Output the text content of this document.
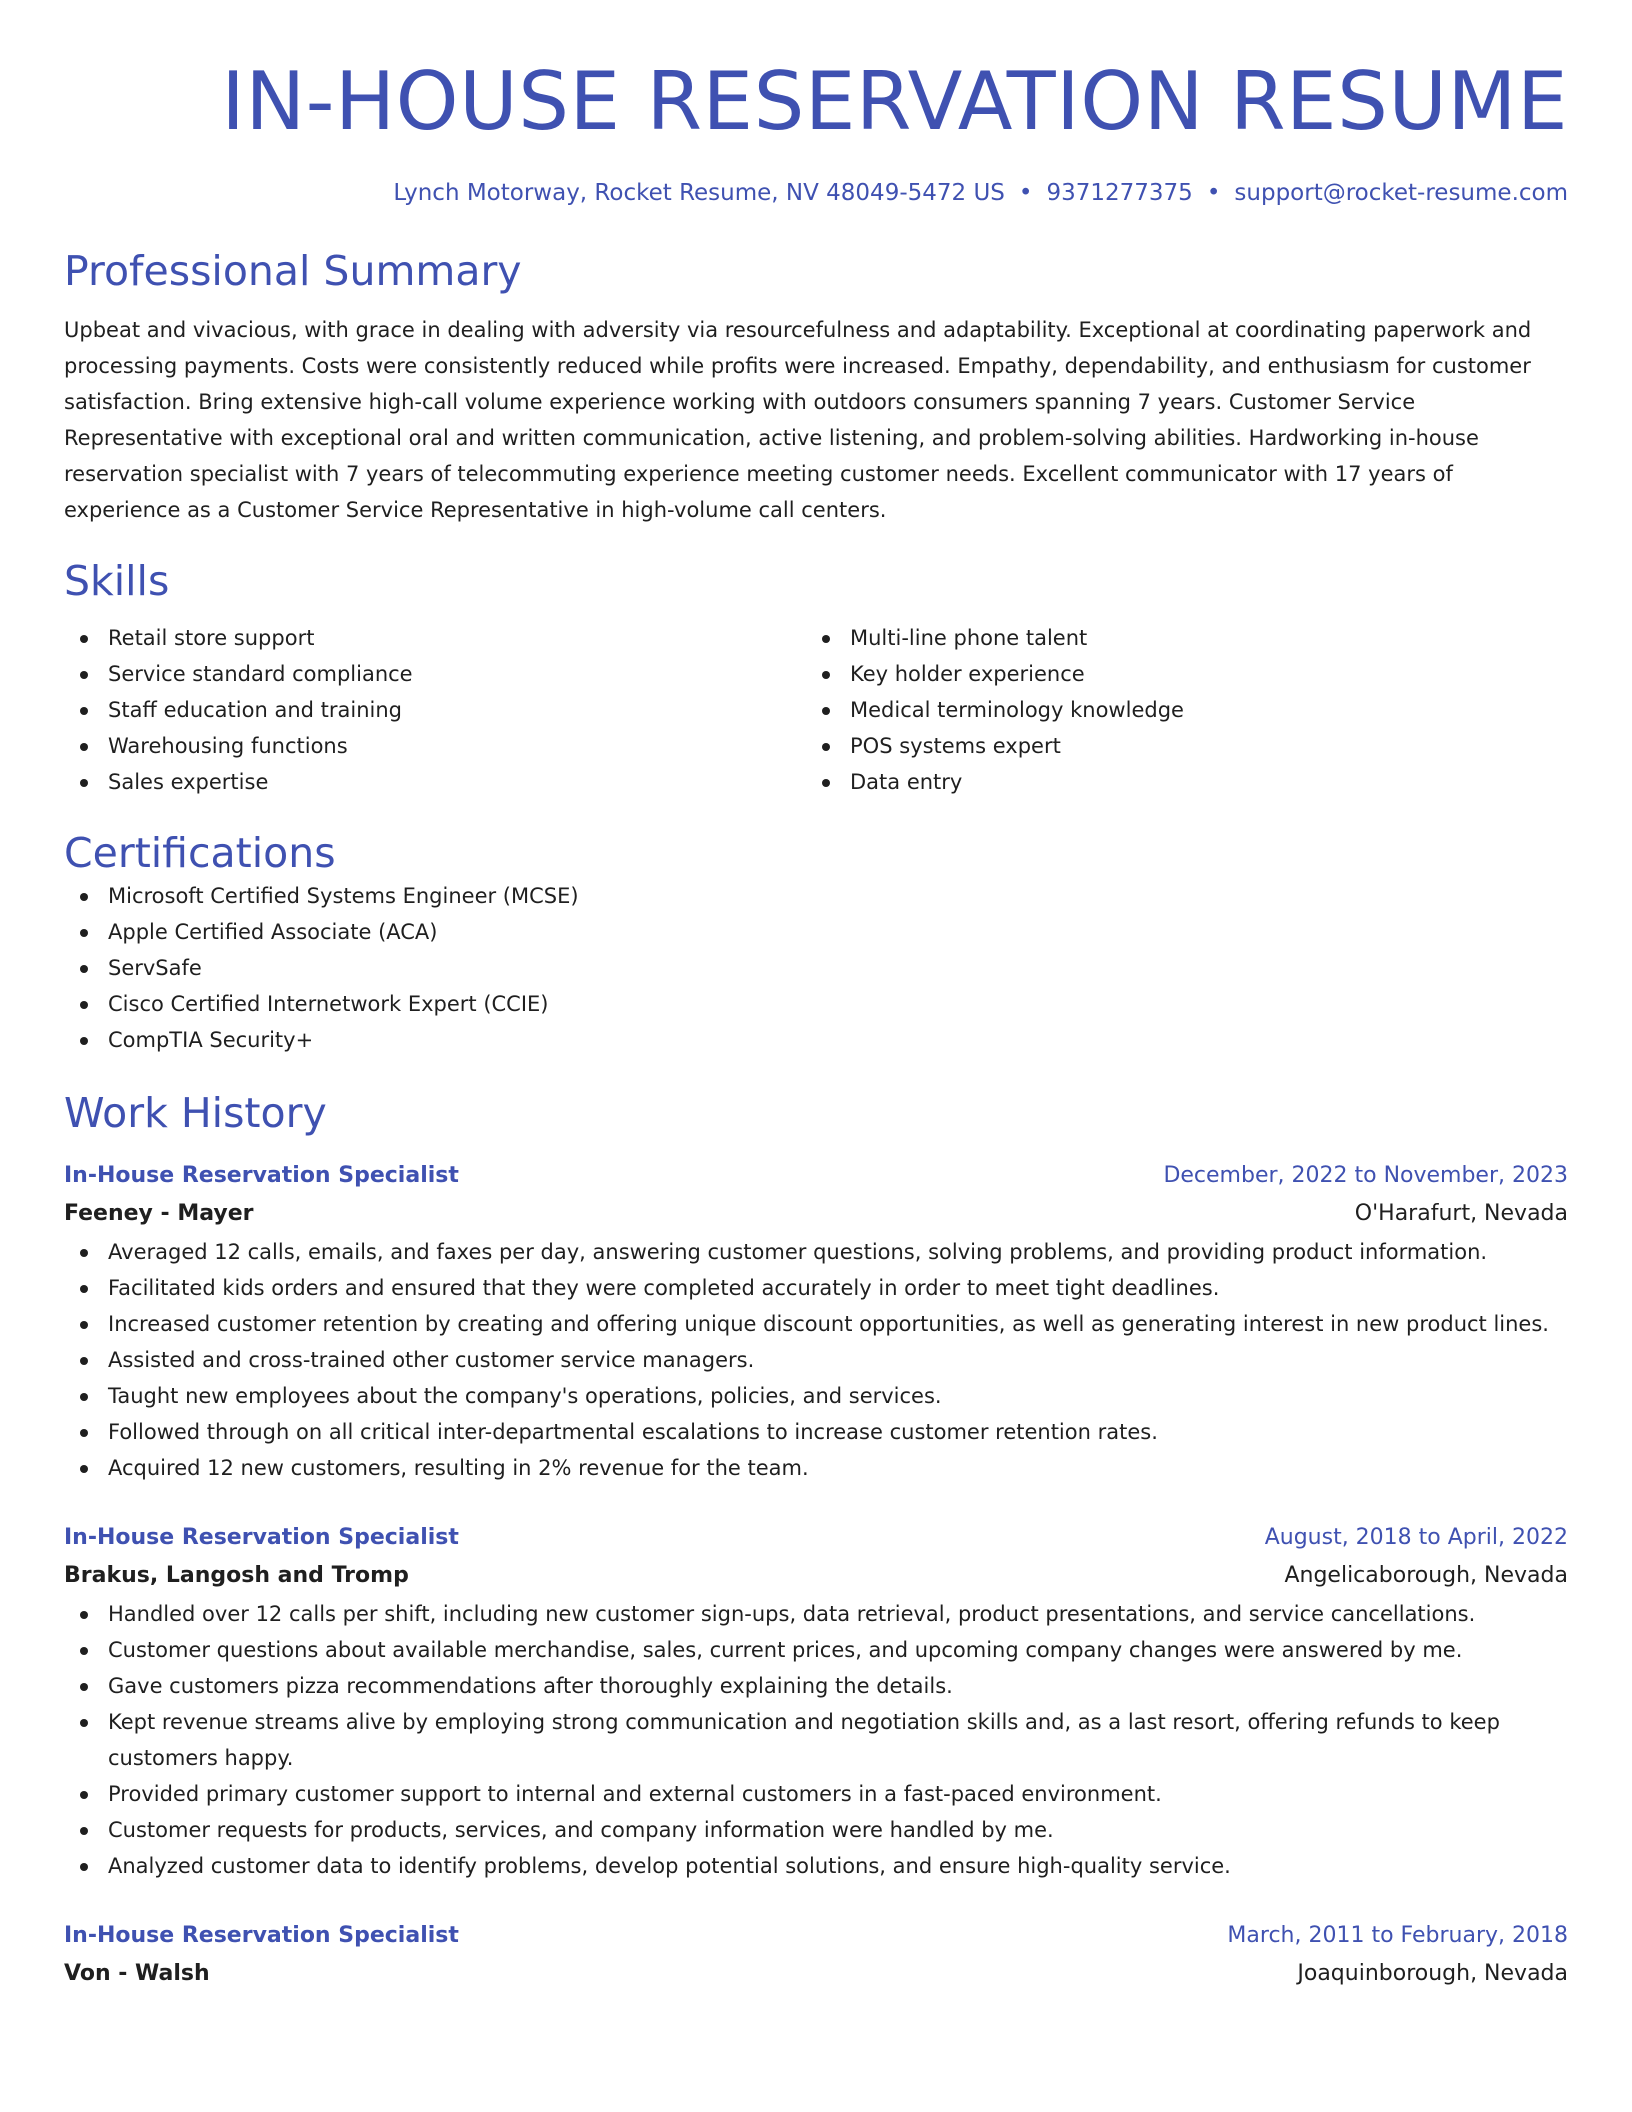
IN-HOUSE RESERVATION RESUME
Lynch Motorway, Rocket Resume, NV 48049-5472 US • 9371277375 • support@rocket-resume.com
Professional Summary

Upbeat and vivacious, with grace in dealing with adversity via resourcefulness and adaptability. Exceptional at coordinating paperwork and processing payments. Costs were consistently reduced while profits were increased. Empathy, dependability, and enthusiasm for customer satisfaction. Bring extensive high-call volume experience working with outdoors consumers spanning 7 years. Customer Service Representative with exceptional oral and written communication, active listening, and problem-solving abilities. Hardworking in-house reservation specialist with 7 years of telecommuting experience meeting customer needs. Excellent communicator with 17 years of experience as a Customer Service Representative in high-volume call centers.

Skills
Retail store support
Service standard compliance
Staff education and training
Warehousing functions
Sales expertise
Multi-line phone talent
Key holder experience
Medical terminology knowledge
POS systems expert
Data entry
Certifications
Microsoft Certified Systems Engineer (MCSE)
Apple Certified Associate (ACA)
ServSafe
Cisco Certified Internetwork Expert (CCIE)
CompTIA Security+
Work History
In-House Reservation Specialist	December, 2022 to November, 2023
Feeney - Mayer	O'Harafurt, Nevada
Averaged 12 calls, emails, and faxes per day, answering customer questions, solving problems, and providing product information.
Facilitated kids orders and ensured that they were completed accurately in order to meet tight deadlines.
Increased customer retention by creating and offering unique discount opportunities, as well as generating interest in new product lines.
Assisted and cross-trained other customer service managers.
Taught new employees about the company's operations, policies, and services.
Followed through on all critical inter-departmental escalations to increase customer retention rates.
Acquired 12 new customers, resulting in 2% revenue for the team.
In-House Reservation Specialist	August, 2018 to April, 2022
Brakus, Langosh and Tromp	Angelicaborough, Nevada
Handled over 12 calls per shift, including new customer sign-ups, data retrieval, product presentations, and service cancellations.
Customer questions about available merchandise, sales, current prices, and upcoming company changes were answered by me.
Gave customers pizza recommendations after thoroughly explaining the details.
Kept revenue streams alive by employing strong communication and negotiation skills and, as a last resort, offering refunds to keep customers happy.
Provided primary customer support to internal and external customers in a fast-paced environment.
Customer requests for products, services, and company information were handled by me.
Analyzed customer data to identify problems, develop potential solutions, and ensure high-quality service.
In-House Reservation Specialist	March, 2011 to February, 2018
Von - Walsh	Joaquinborough, Nevada
